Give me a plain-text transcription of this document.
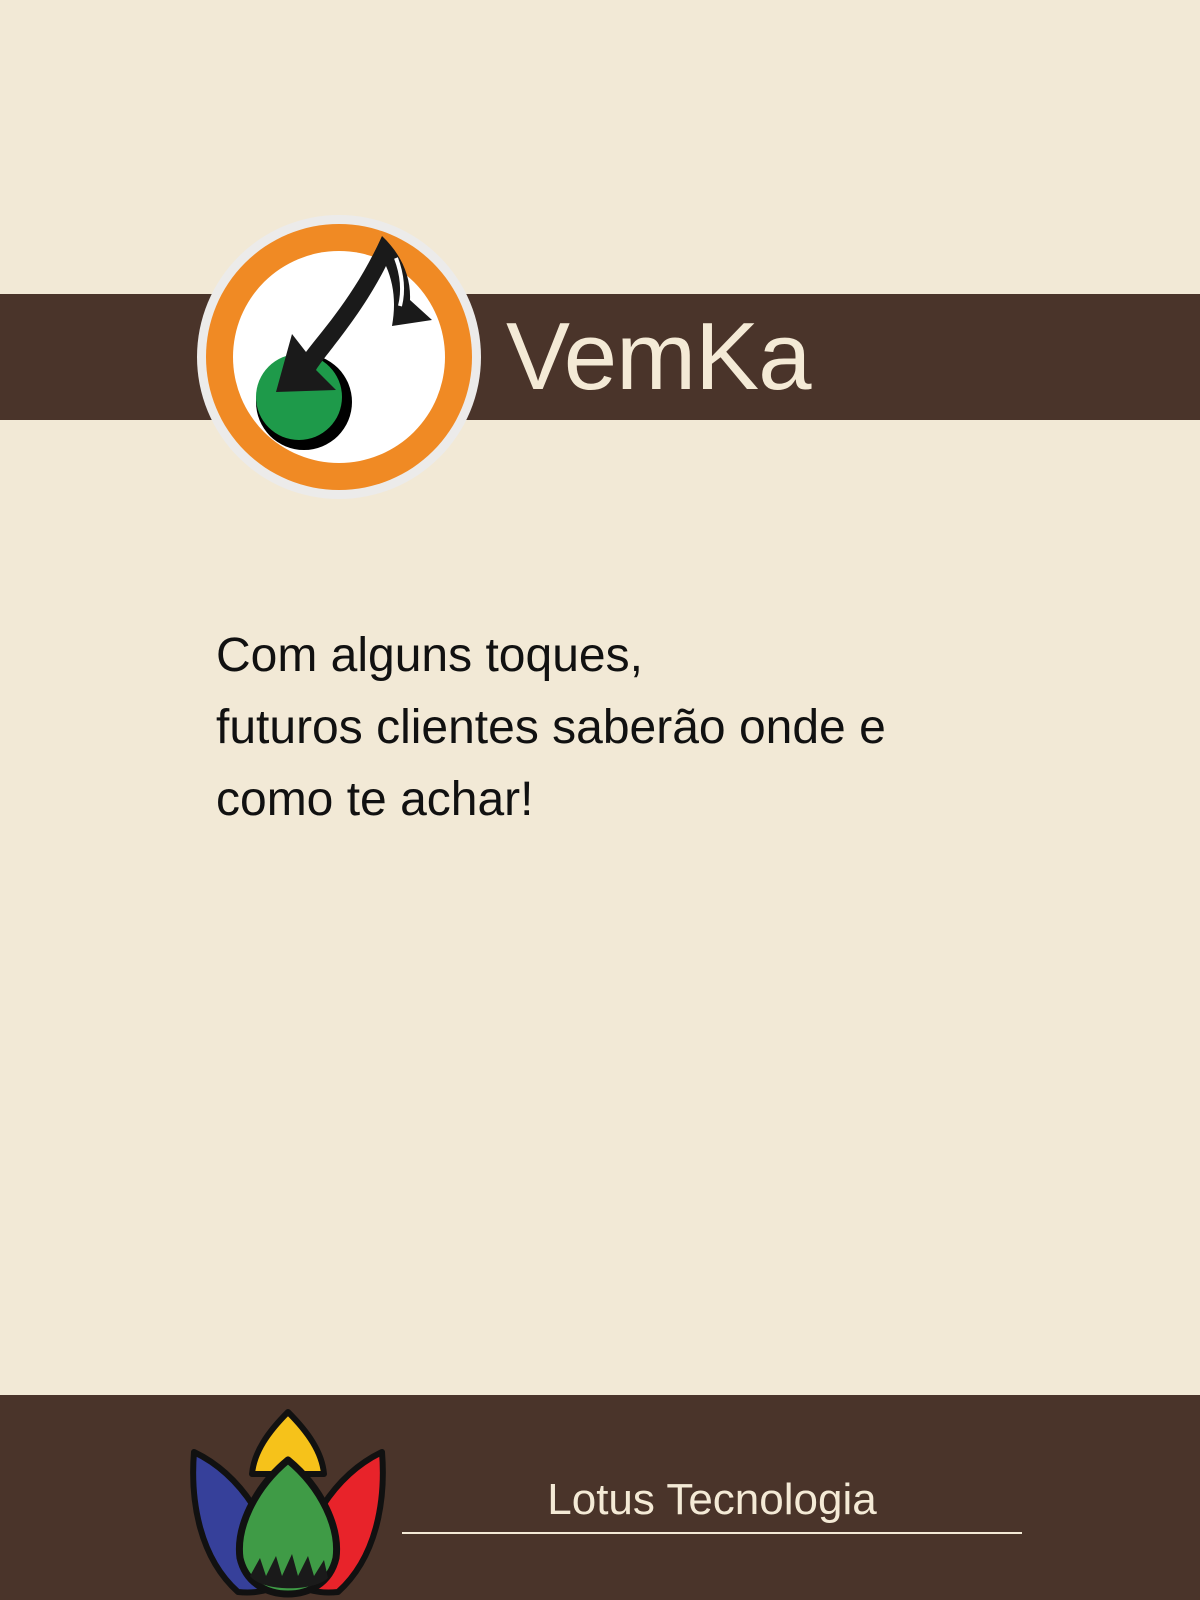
VemKa
Com alguns toques,
futuros clientes saberão onde e
como te achar!
Lotus Tecnologia
